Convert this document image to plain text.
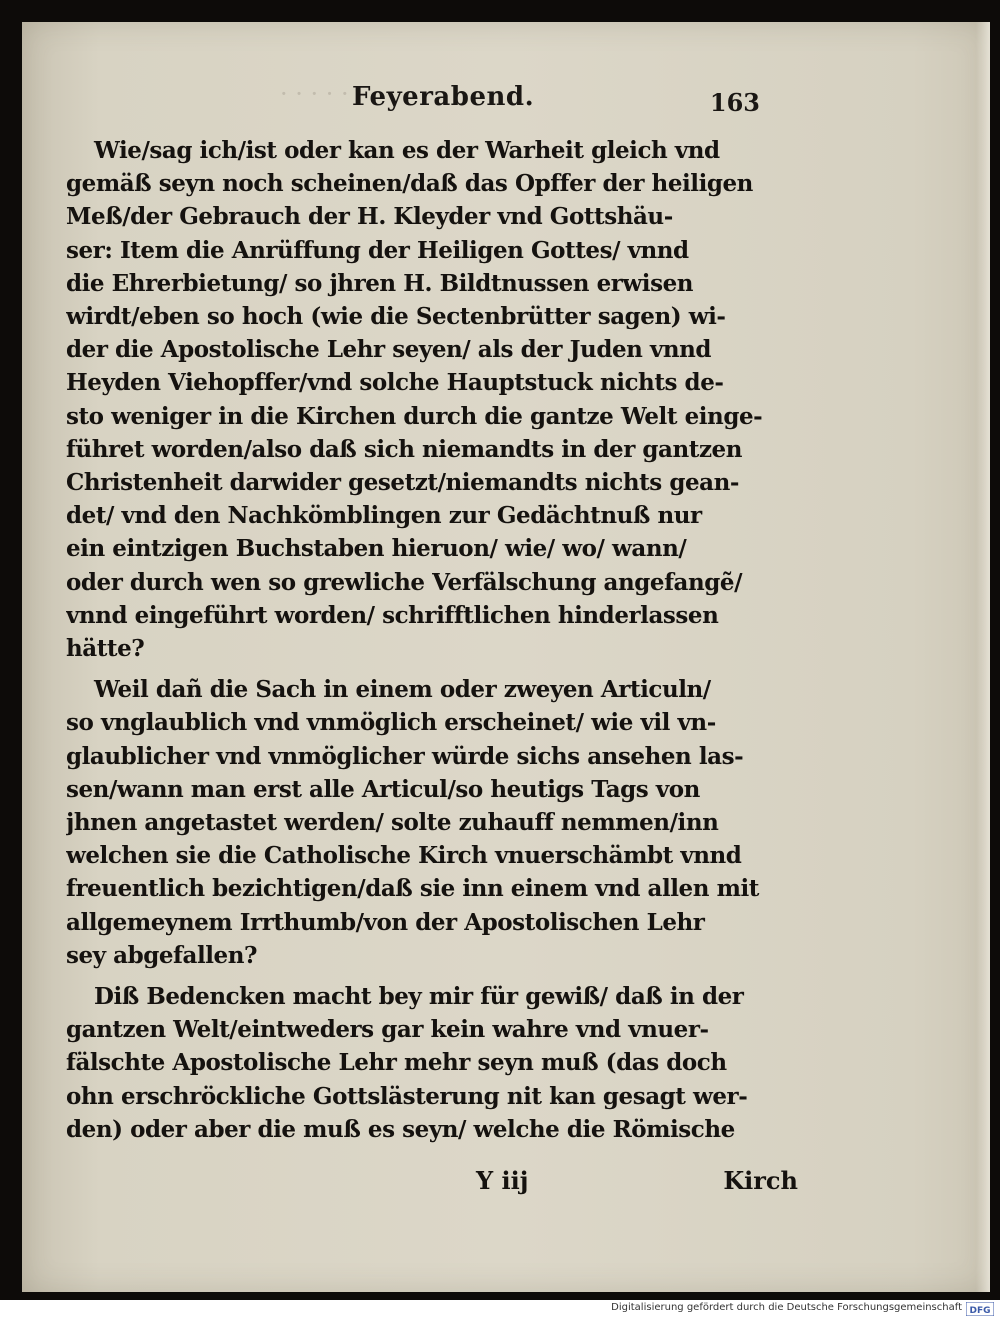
· · · · · Feyerabend.	163
Wie/sag ich/ist oder kan es der Warheit gleich vnd
gemäß seyn noch scheinen/daß das Opffer der heiligen
Meß/der Gebrauch der H. Kleyder vnd Gottshäu-
ser: Item die Anrüffung der Heiligen Gottes/ vnnd
die Ehrerbietung/ so jhren H. Bildtnussen erwisen
wirdt/eben so hoch (wie die Sectenbrütter sagen) wi-
der die Apostolische Lehr seyen/ als der Juden vnnd
Heyden Viehopffer/vnd solche Hauptstuck nichts de-
sto weniger in die Kirchen durch die gantze Welt einge-
führet worden/also daß sich niemandts in der gantzen
Christenheit darwider gesetzt/niemandts nichts gean-
det/ vnd den Nachkömblingen zur Gedächtnuß nur
ein eintzigen Buchstaben hieruon/ wie/ wo/ wann/
oder durch wen so grewliche Verfälschung angefangẽ/
vnnd eingeführt worden/ schrifftlichen hinderlassen
hätte?
Weil dañ die Sach in einem oder zweyen Articuln/
so vnglaublich vnd vnmöglich erscheinet/ wie vil vn-
glaublicher vnd vnmöglicher würde sichs ansehen las-
sen/wann man erst alle Articul/so heutigs Tags von
jhnen angetastet werden/ solte zuhauff nemmen/inn
welchen sie die Catholische Kirch vnuerschämbt vnnd
freuentlich bezichtigen/daß sie inn einem vnd allen mit
allgemeynem Irrthumb/von der Apostolischen Lehr
sey abgefallen?
Diß Bedencken macht bey mir für gewiß/ daß in der
gantzen Welt/eintweders gar kein wahre vnd vnuer-
fälschte Apostolische Lehr mehr seyn muß (das doch
ohn erschröckliche Gottslästerung nit kan gesagt wer-
den) oder aber die muß es seyn/ welche die Römische
Y iij	Kirch
Digitalisierung gefördert durch die Deutsche Forschungsgemeinschaft DFG
